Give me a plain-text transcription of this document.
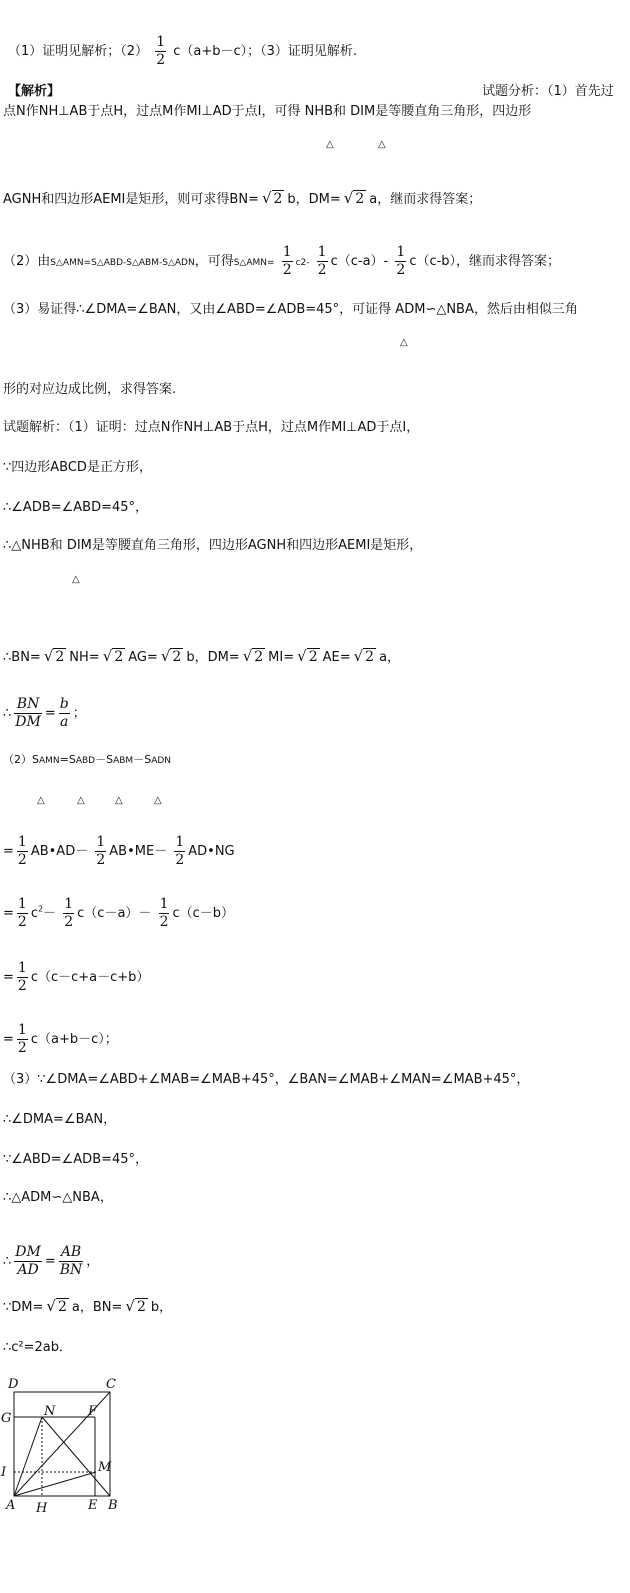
（1）证明见解析；$(2) \frac{1}{2} c(a+b-c)$；（3）证明见解析.
【解析】	试题分析：（1）首先过
点N作NH⊥AB于点H，过点M作MI⊥AD于点I，可得 NHB和 DIM是等腰直角三角形，四边形
△	△
AGNH和四边形AEMI是矩形，则可求得BN= √ 2 b，DM= √ 2 a，继而求得答案；
（2）由S△AMN=S△ABD-S△ABM-S△ADN，可得S△AMN= $\frac{1}{2} c2- \frac{1}{2} c(c-a)- \frac{1}{2} c(c-b)$，继而求得答案；
（3）易证得∴∠DMA=∠BAN，又由∠ABD=∠ADB=45°，可证得 ADM∽△NBA，然后由相似三角
△
形的对应边成比例，求得答案.
试题解析：（1）证明：过点N作NH⊥AB于点H，过点M作MI⊥AD于点I，
∵四边形ABCD是正方形，
∴∠ADB=∠ABD=45°，
∴△NHB和 DIM是等腰直角三角形，四边形AGNH和四边形AEMI是矩形，
△
∴BN= √ 2 NH= √ 2 AG= √ 2 b，DM= √ 2 MI= √ 2 AE= √ 2 a，
∴ $\frac{BN}{DM} = \frac{b}{a}$ ；
（2）SAMN=SABD－SABM－SADN
△	△	△	△
= $\frac{1}{2}$ AB•AD－ $\frac{1}{2}$ AB•ME－ $\frac{1}{2}$ AD•NG
= $\frac{1}{2} c^2- \frac{1}{2} c(c-a)- \frac{1}{2} c(c-b)$
= $\frac{1}{2} c(c-c+a-c+b)$
= $\frac{1}{2} c(a+b-c)$；
（3）∵∠DMA=∠ABD+∠MAB=∠MAB+45°，∠BAN=∠MAB+∠MAN=∠MAB+45°，
∴∠DMA=∠BAN，
∵∠ABD=∠ADB=45°，
∴△ADM∽△NBA，
∴ $\frac{DM}{AD} = \frac{AB}{BN}$ ，
∵DM= √ 2 a，BN= √ 2 b，
∴c²=2ab．
D	C
N	F
G
I	M
A H	E B
